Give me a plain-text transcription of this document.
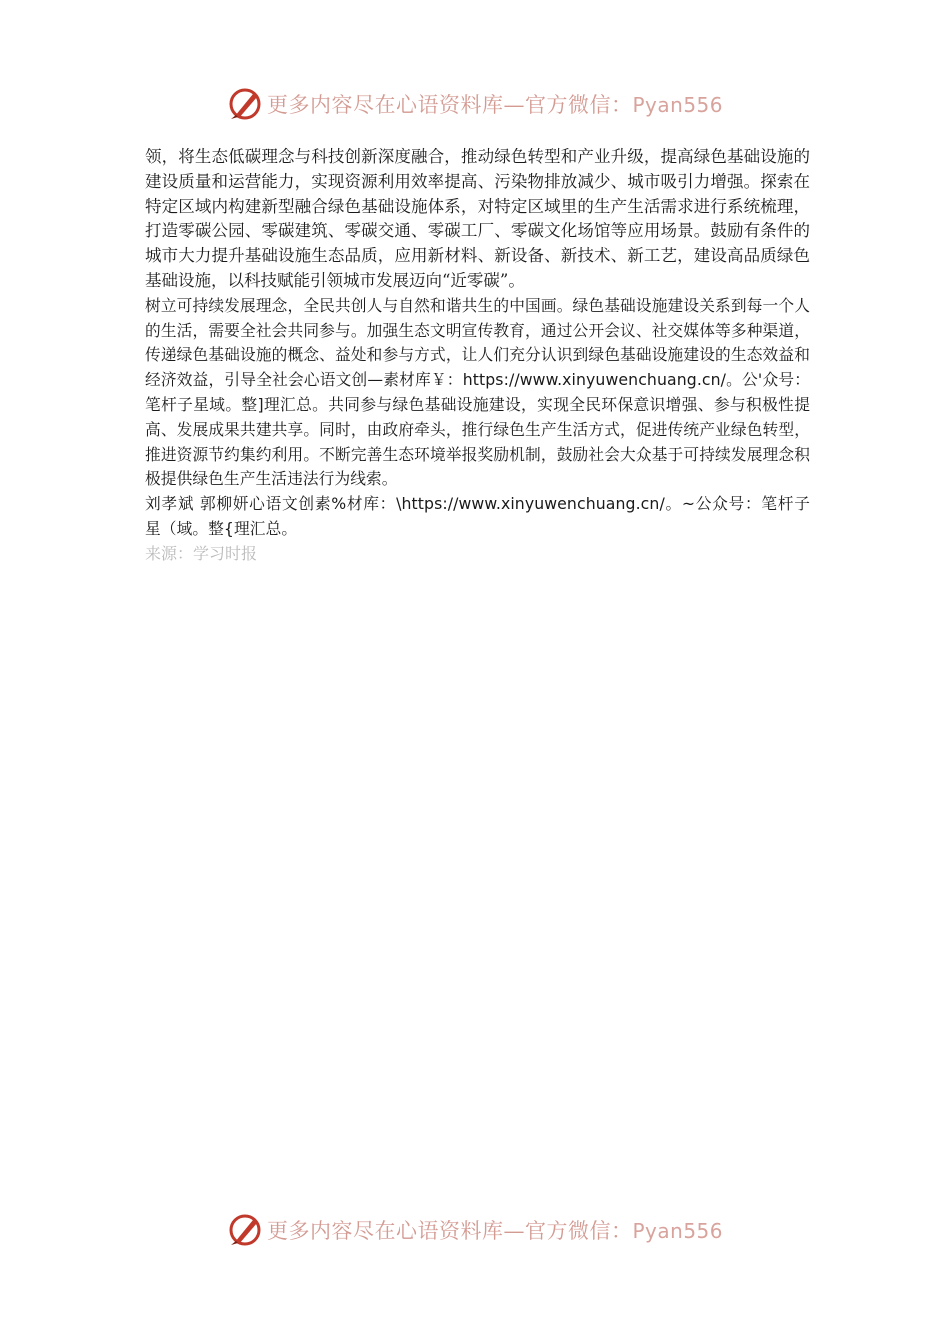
更多内容尽在心语资料库—官方微信：Pyan556

领，将生态低碳理念与科技创新深度融合，推动绿色转型和产业升级，提高绿色基础设施的建设质量和运营能力，实现资源利用效率提高、污染物排放减少、城市吸引力增强。探索在特定区域内构建新型融合绿色基础设施体系，对特定区域里的生产生活需求进行系统梳理，打造零碳公园、零碳建筑、零碳交通、零碳工厂、零碳文化场馆等应用场景。鼓励有条件的城市大力提升基础设施生态品质，应用新材料、新设备、新技术、新工艺，建设高品质绿色基础设施，以科技赋能引领城市发展迈向“近零碳”。

树立可持续发展理念，全民共创人与自然和谐共生的中国画。绿色基础设施建设关系到每一个人的生活，需要全社会共同参与。加强生态文明宣传教育，通过公开会议、社交媒体等多种渠道，传递绿色基础设施的概念、益处和参与方式，让人们充分认识到绿色基础设施建设的生态效益和经济效益，引导全社会心语文创—素材库￥：https://www.xinyuwenchuang.cn/。公'众号：笔杆子星域。整]理汇总。共同参与绿色基础设施建设，实现全民环保意识增强、参与积极性提高、发展成果共建共享。同时，由政府牵头，推行绿色生产生活方式，促进传统产业绿色转型，推进资源节约集约利用。不断完善生态环境举报奖励机制，鼓励社会大众基于可持续发展理念积极提供绿色生产生活违法行为线索。

刘孝斌 郭柳妍心语文创素%材库：\https://www.xinyuwenchuang.cn/。~公众号：笔杆子星（域。整{理汇总。

来源：学习时报

更多内容尽在心语资料库—官方微信：Pyan556
